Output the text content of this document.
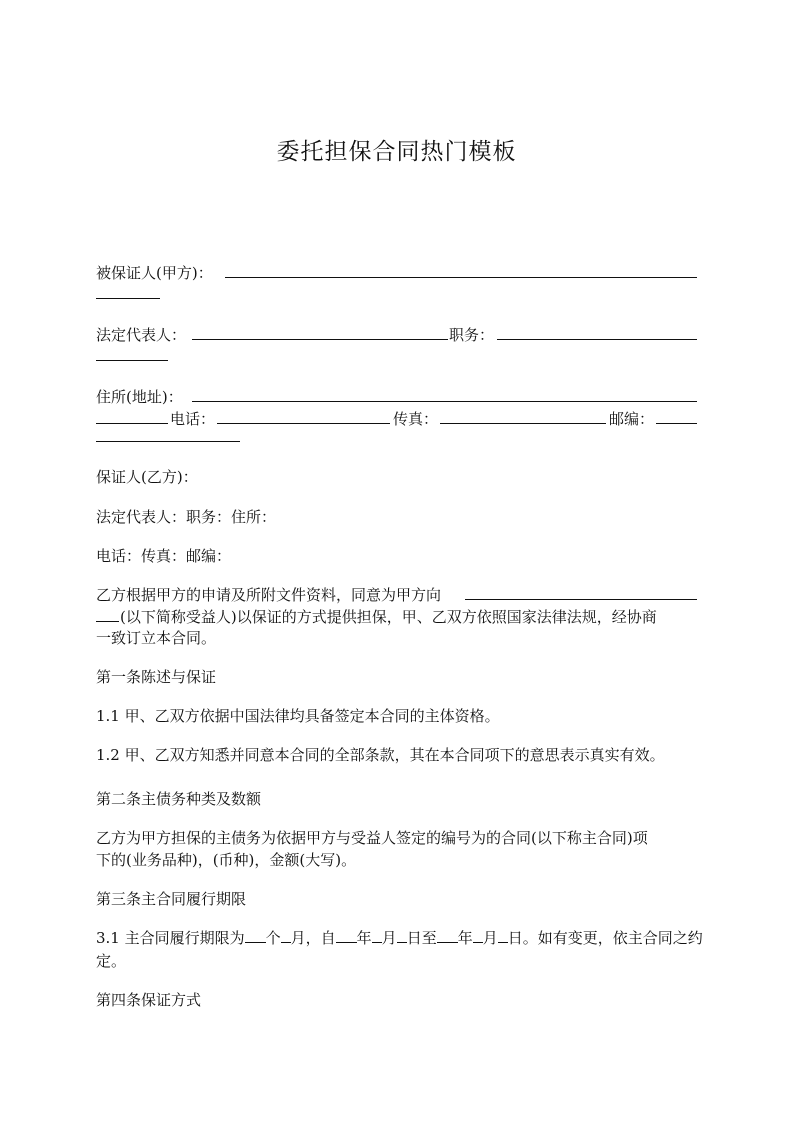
委托担保合同热门模板
被保证人(甲方)：
法定代表人：	职务：
住所(地址)：
电话：	传真：	邮编：
保证人(乙方)：
法定代表人：职务：住所：
电话：传真：邮编：
乙方根据甲方的申请及所附文件资料，同意为甲方向
(以下简称受益人)以保证的方式提供担保，甲、乙双方依照国家法律法规，经协商
一致订立本合同。
第一条陈述与保证
1.1 甲、乙双方依据中国法律均具备签定本合同的主体资格。
1.2 甲、乙双方知悉并同意本合同的全部条款，其在本合同项下的意思表示真实有效。
第二条主债务种类及数额
乙方为甲方担保的主债务为依据甲方与受益人签定的编号为的合同(以下称主合同)项
下的(业务品种)，(币种)，金额(大写)。
第三条主合同履行期限
3.1 主合同履行期限为 个 月，自 年 月 日至 年 月 日。如有变更，依主合同之约
定。
第四条保证方式
